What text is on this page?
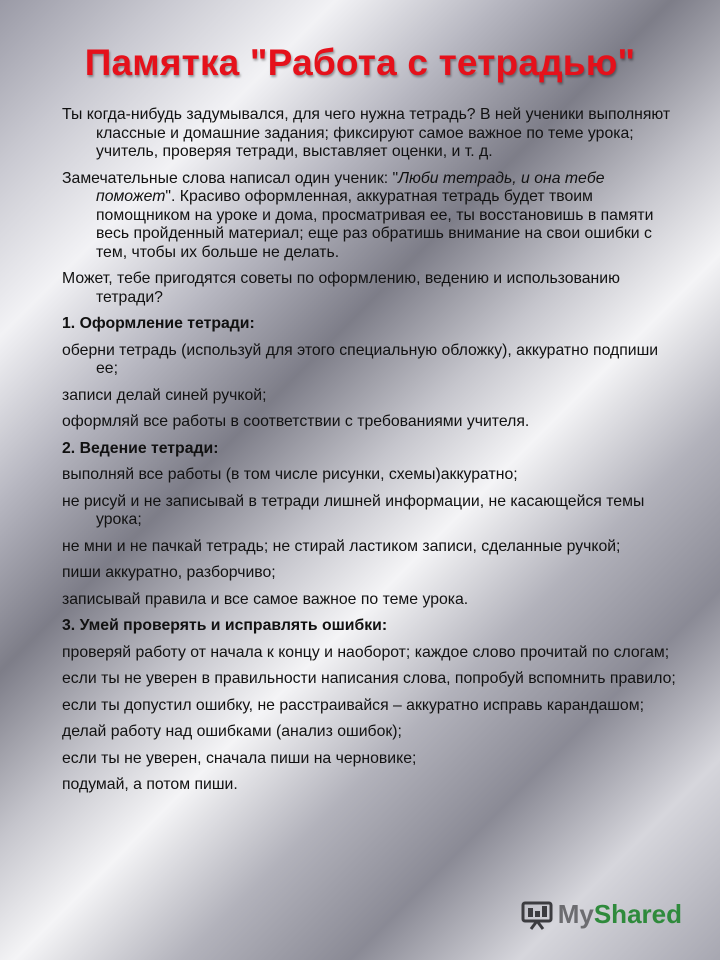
Памятка "Работа с тетрадью"

Ты когда-нибудь задумывался, для чего нужна тетрадь? В ней ученики выполняют классные и домашние задания; фиксируют самое важное по теме урока; учитель, проверяя тетради, выставляет оценки, и т. д.

Замечательные слова написал один ученик: "Люби тетрадь, и она тебе поможет". Красиво оформленная, аккуратная тетрадь будет твоим помощником на уроке и дома, просматривая ее, ты восстановишь в памяти весь пройденный материал; еще раз обратишь внимание на свои ошибки с тем, чтобы их больше не делать.

Может, тебе пригодятся советы по оформлению, ведению и использованию тетради?

1. Оформление тетради:

оберни тетрадь (используй для этого специальную обложку), аккуратно подпиши ее;

записи делай синей ручкой;

оформляй все работы в соответствии с требованиями учителя.

2. Ведение тетради:

выполняй все работы (в том числе рисунки, схемы)аккуратно;

не рисуй и не записывай в тетради лишней информации, не касающейся темы урока;

не мни и не пачкай тетрадь; не стирай ластиком записи, сделанные ручкой;

пиши аккуратно, разборчиво;

записывай правила и все самое важное по теме урока.

3. Умей проверять и исправлять ошибки:

проверяй работу от начала к концу и наоборот; каждое слово прочитай по слогам;

если ты не уверен в правильности написания слова, попробуй вспомнить правило;

если ты допустил ошибку, не расстраивайся – аккуратно исправь карандашом;

делай работу над ошибками (анализ ошибок);

если ты не уверен, сначала пиши на черновике;

подумай, а потом пиши.

MyShared
